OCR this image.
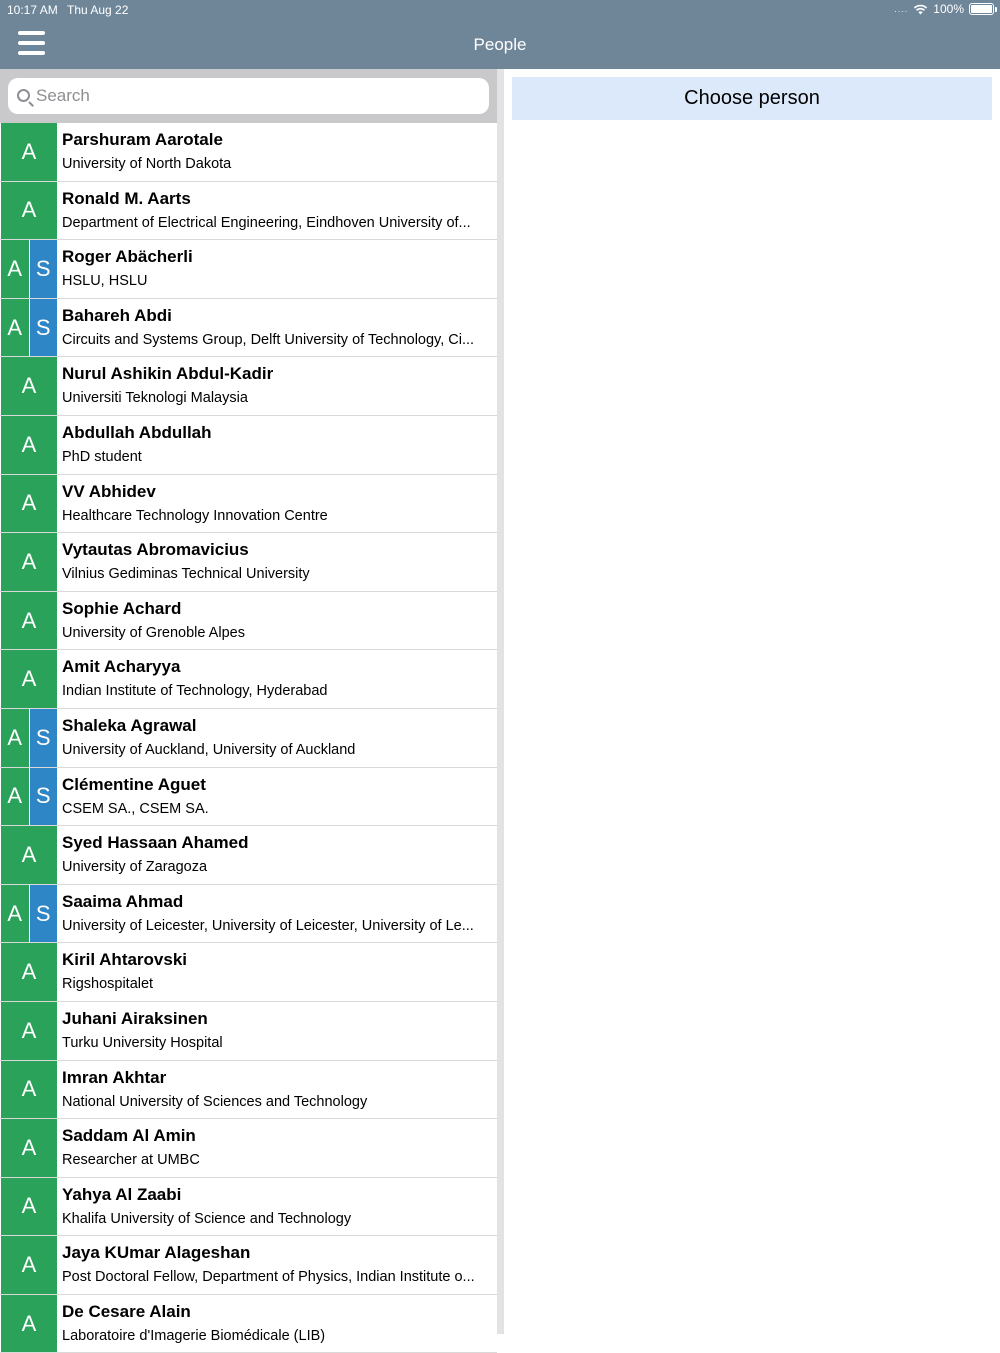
10:17 AM Thu Aug 22	.... 100%
People
Search
A	Parshuram Aarotale
University of North Dakota
A	Ronald M. Aarts
Department of Electrical Engineering, Eindhoven University of...
A S Roger Abächerli
HSLU, HSLU
A S Bahareh Abdi
Circuits and Systems Group, Delft University of Technology, Ci...
A	Nurul Ashikin Abdul-Kadir
Universiti Teknologi Malaysia
A	Abdullah Abdullah
PhD student
A	VV Abhidev
Healthcare Technology Innovation Centre
A	Vytautas Abromavicius
Vilnius Gediminas Technical University
A	Sophie Achard
University of Grenoble Alpes
A	Amit Acharyya
Indian Institute of Technology, Hyderabad
A S Shaleka Agrawal
University of Auckland, University of Auckland
A S Clémentine Aguet
CSEM SA., CSEM SA.
A	Syed Hassaan Ahamed
University of Zaragoza
A S Saaima Ahmad
University of Leicester, University of Leicester, University of Le...
A	Kiril Ahtarovski
Rigshospitalet
A	Juhani Airaksinen
Turku University Hospital
A	Imran Akhtar
National University of Sciences and Technology
A	Saddam Al Amin
Researcher at UMBC
A	Yahya Al Zaabi
Khalifa University of Science and Technology
A	Jaya KUmar Alageshan
Post Doctoral Fellow, Department of Physics, Indian Institute o...
A	De Cesare Alain
Laboratoire d'Imagerie Biomédicale (LIB)
Choose person
